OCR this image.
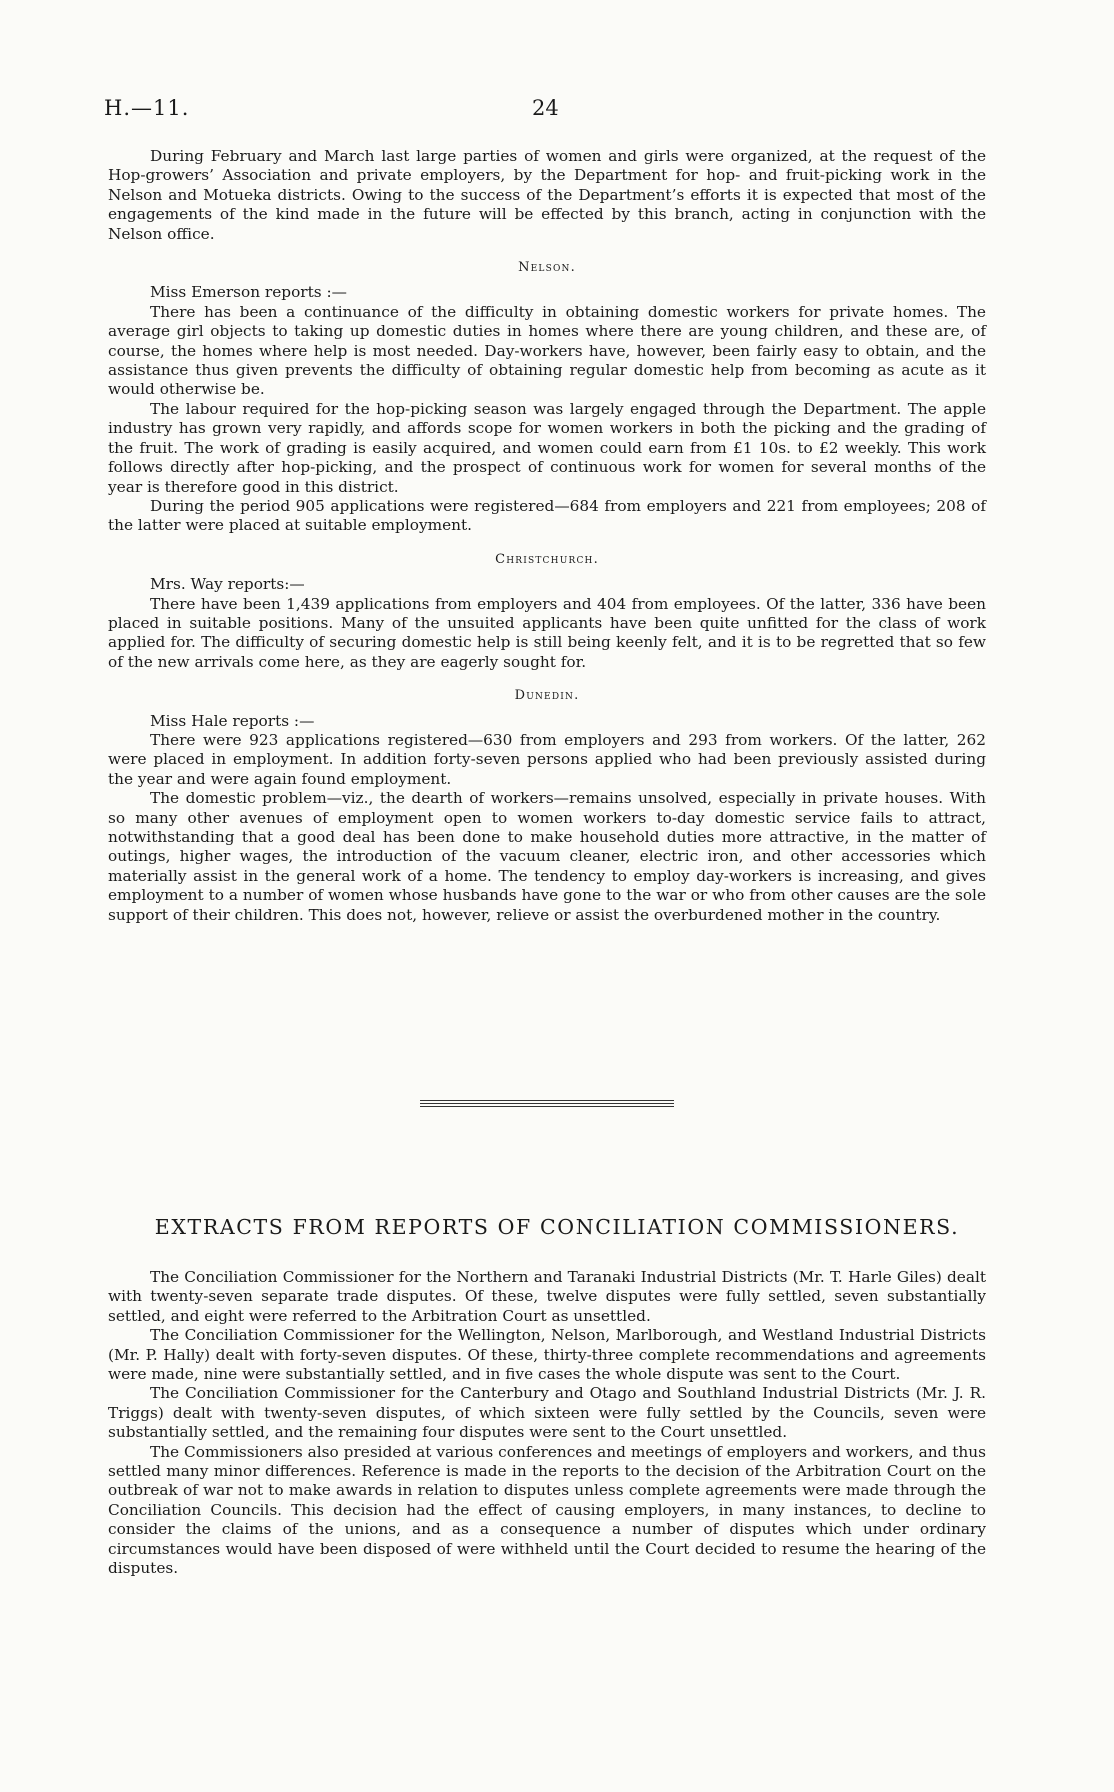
H.—11.	24

During February and March last large parties of women and girls were organized, at the request of the Hop-growers’ Association and private employers, by the Department for hop- and fruit-picking work in the Nelson and Motueka districts. Owing to the success of the Department’s efforts it is expected that most of the engagements of the kind made in the future will be effected by this branch, acting in conjunction with the Nelson office.

Nelson.

Miss Emerson reports :—

There has been a continuance of the difficulty in obtaining domestic workers for private homes. The average girl objects to taking up domestic duties in homes where there are young children, and these are, of course, the homes where help is most needed. Day-workers have, however, been fairly easy to obtain, and the assistance thus given prevents the difficulty of obtaining regular domestic help from becoming as acute as it would otherwise be.

The labour required for the hop-picking season was largely engaged through the Department. The apple industry has grown very rapidly, and affords scope for women workers in both the picking and the grading of the fruit. The work of grading is easily acquired, and women could earn from £1 10s. to £2 weekly. This work follows directly after hop-picking, and the prospect of continuous work for women for several months of the year is therefore good in this district.

During the period 905 applications were registered—684 from employers and 221 from employees; 208 of the latter were placed at suitable employment.

Christchurch.

Mrs. Way reports:—

There have been 1,439 applications from employers and 404 from employees. Of the latter, 336 have been placed in suitable positions. Many of the unsuited applicants have been quite unfitted for the class of work applied for. The difficulty of securing domestic help is still being keenly felt, and it is to be regretted that so few of the new arrivals come here, as they are eagerly sought for.

Dunedin.

Miss Hale reports :—

There were 923 applications registered—630 from employers and 293 from workers. Of the latter, 262 were placed in employment. In addition forty-seven persons applied who had been previously assisted during the year and were again found employment.

The domestic problem—viz., the dearth of workers—remains unsolved, especially in private houses. With so many other avenues of employment open to women workers to-day domestic service fails to attract, notwithstanding that a good deal has been done to make household duties more attractive, in the matter of outings, higher wages, the introduction of the vacuum cleaner, electric iron, and other accessories which materially assist in the general work of a home. The tendency to employ day-workers is increasing, and gives employment to a number of women whose husbands have gone to the war or who from other causes are the sole support of their children. This does not, however, relieve or assist the overburdened mother in the country.

EXTRACTS FROM REPORTS OF CONCILIATION COMMISSIONERS.

The Conciliation Commissioner for the Northern and Taranaki Industrial Districts (Mr. T. Harle Giles) dealt with twenty-seven separate trade disputes. Of these, twelve disputes were fully settled, seven substantially settled, and eight were referred to the Arbitration Court as unsettled.

The Conciliation Commissioner for the Wellington, Nelson, Marlborough, and Westland Industrial Districts (Mr. P. Hally) dealt with forty-seven disputes. Of these, thirty-three complete recommendations and agreements were made, nine were substantially settled, and in five cases the whole dispute was sent to the Court.

The Conciliation Commissioner for the Canterbury and Otago and Southland Industrial Districts (Mr. J. R. Triggs) dealt with twenty-seven disputes, of which sixteen were fully settled by the Councils, seven were substantially settled, and the remaining four disputes were sent to the Court unsettled.

The Commissioners also presided at various conferences and meetings of employers and workers, and thus settled many minor differences. Reference is made in the reports to the decision of the Arbitration Court on the outbreak of war not to make awards in relation to disputes unless complete agreements were made through the Conciliation Councils. This decision had the effect of causing employers, in many instances, to decline to consider the claims of the unions, and as a consequence a number of disputes which under ordinary circumstances would have been disposed of were withheld until the Court decided to resume the hearing of the disputes.
